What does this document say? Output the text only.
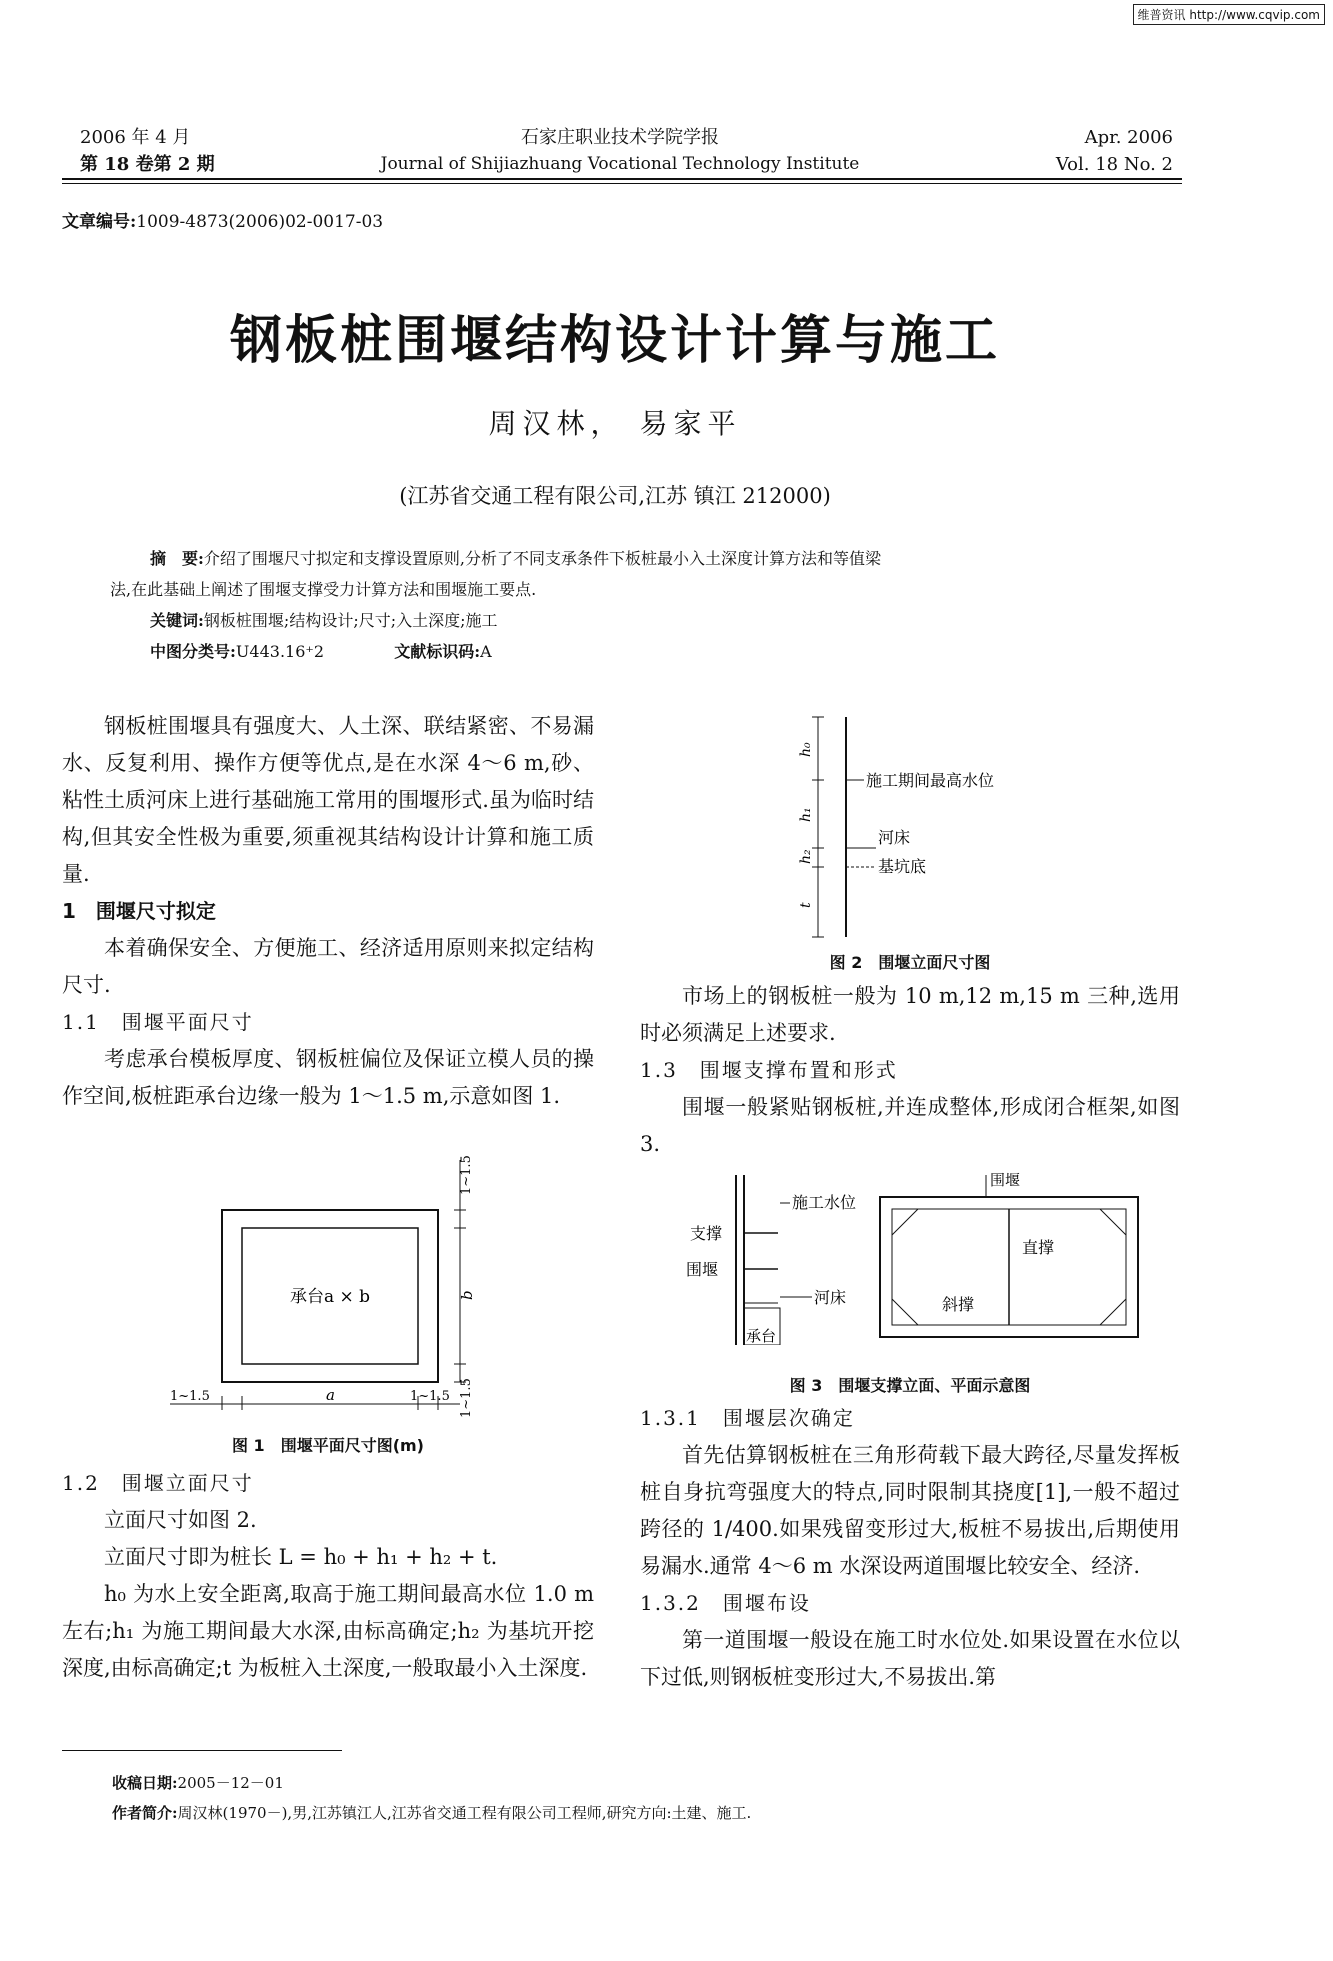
维普资讯 http://www.cqvip.com
2006 年 4 月
第 18 卷第 2 期
石家庄职业技术学院学报
Journal of Shijiazhuang Vocational Technology Institute
Apr. 2006
Vol. 18 No. 2
文章编号:1009-4873(2006)02-0017-03
钢板桩围堰结构设计计算与施工
周汉林， 易家平
(江苏省交通工程有限公司,江苏 镇江 212000)
摘　要:介绍了围堰尺寸拟定和支撑设置原则,分析了不同支承条件下板桩最小入土深度计算方法和等值梁
法,在此基础上阐述了围堰支撑受力计算方法和围堰施工要点.
关键词:钢板桩围堰;结构设计;尺寸;入土深度;施工
中图分类号:U443.16⁺2	文献标识码:A

钢板桩围堰具有强度大、人土深、联结紧密、不易漏水、反复利用、操作方便等优点,是在水深 4～6 m,砂、粘性土质河床上进行基础施工常用的围堰形式.虽为临时结构,但其安全性极为重要,须重视其结构设计计算和施工质量.

1　围堰尺寸拟定

本着确保安全、方便施工、经济适用原则来拟定结构尺寸.

1.1　围堰平面尺寸

考虑承台模板厚度、钢板桩偏位及保证立模人员的操作空间,板桩距承台边缘一般为 1～1.5 m,示意如图 1.

承台a × b
1~1.5
b
1~1.5
1~1.5	a	1~1.5
图 1　围堰平面尺寸图(m)

1.2　围堰立面尺寸

立面尺寸如图 2.

立面尺寸即为桩长 L = h₀ + h₁ + h₂ + t.

h₀ 为水上安全距离,取高于施工期间最高水位 1.0 m 左右;h₁ 为施工期间最大水深,由标高确定;h₂ 为基坑开挖深度,由标高确定;t 为板桩入土深度,一般取最小入土深度.

h₀
h₁
h₂
t
施工期间最高水位
河床
基坑底
图 2　围堰立面尺寸图

市场上的钢板桩一般为 10 m,12 m,15 m 三种,选用时必须满足上述要求.

1.3　围堰支撑布置和形式

围堰一般紧贴钢板桩,并连成整体,形成闭合框架,如图 3.

施工水位
支撑
围堰
河床
承台
围堰
直撑
斜撑
图 3　围堰支撑立面、平面示意图

1.3.1　围堰层次确定

首先估算钢板桩在三角形荷载下最大跨径,尽量发挥板桩自身抗弯强度大的特点,同时限制其挠度[1],一般不超过跨径的 1/400.如果残留变形过大,板桩不易拔出,后期使用易漏水.通常 4～6 m 水深设两道围堰比较安全、经济.

1.3.2　围堰布设

第一道围堰一般设在施工时水位处.如果设置在水位以下过低,则钢板桩变形过大,不易拔出.第

收稿日期:2005－12－01
作者简介:周汉林(1970－),男,江苏镇江人,江苏省交通工程有限公司工程师,研究方向:土建、施工.
